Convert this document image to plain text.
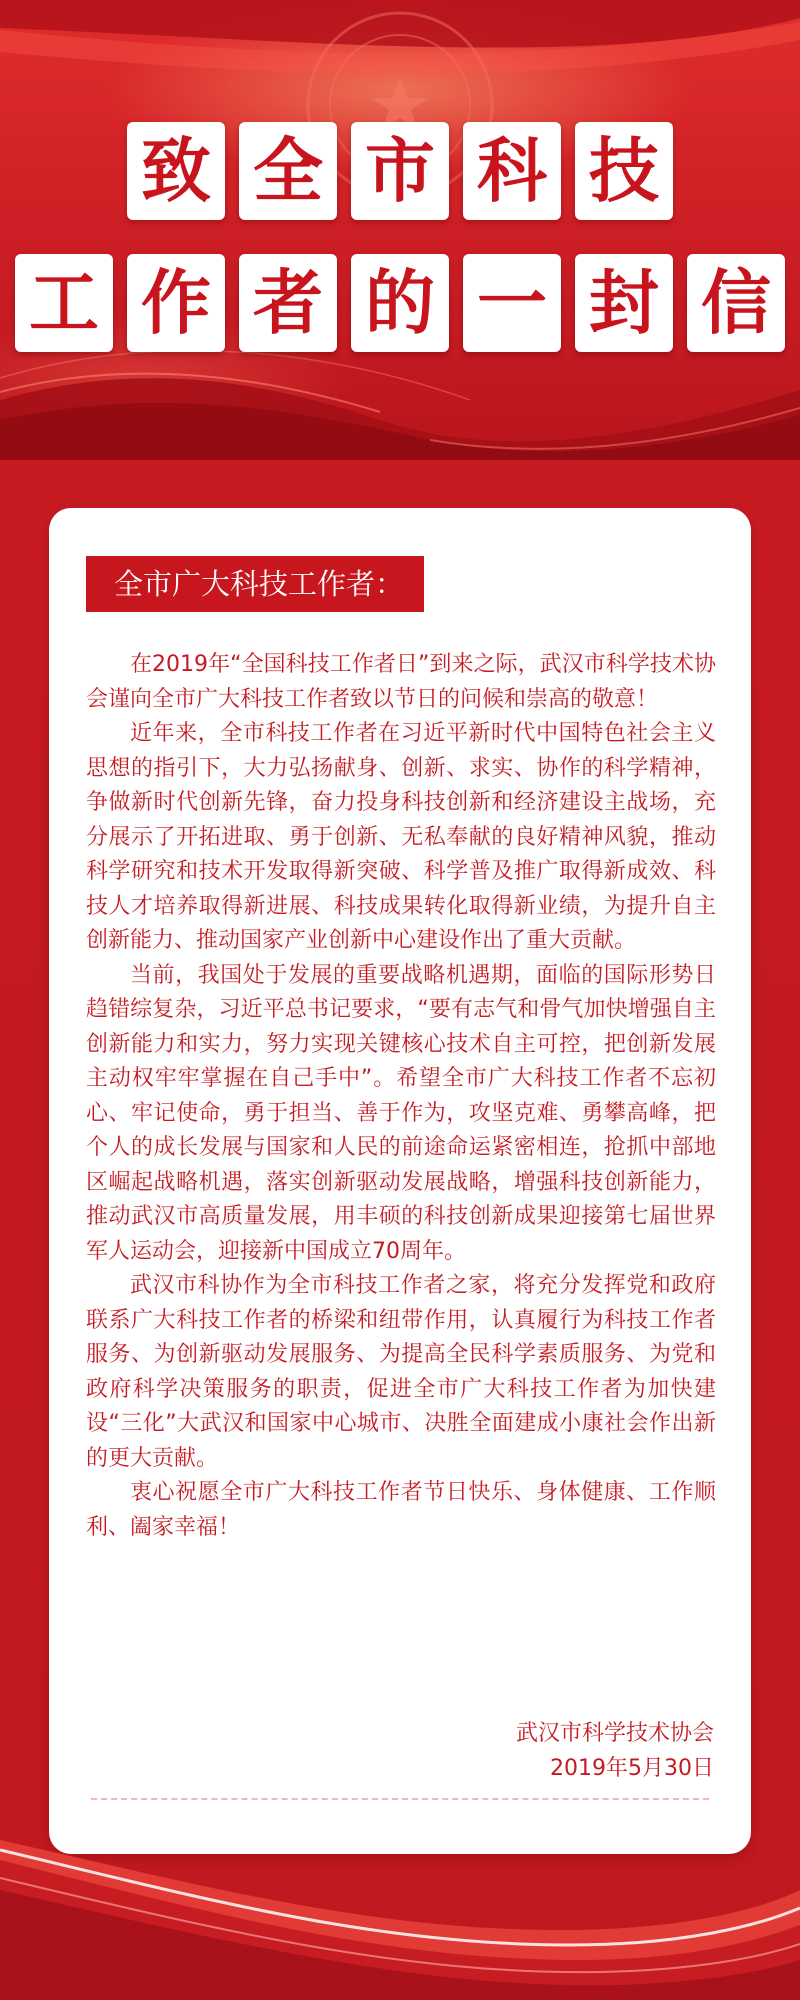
致 全 市 科 技
工 作 者 的 一 封 信
全市广大科技工作者：

在2019年“全国科技工作者日”到来之际，武汉市科学技术协会谨向全市广大科技工作者致以节日的问候和崇高的敬意！

近年来，全市科技工作者在习近平新时代中国特色社会主义思想的指引下，大力弘扬献身、创新、求实、协作的科学精神，争做新时代创新先锋，奋力投身科技创新和经济建设主战场，充分展示了开拓进取、勇于创新、无私奉献的良好精神风貌，推动科学研究和技术开发取得新突破、科学普及推广取得新成效、科技人才培养取得新进展、科技成果转化取得新业绩，为提升自主创新能力、推动国家产业创新中心建设作出了重大贡献。

当前，我国处于发展的重要战略机遇期，面临的国际形势日趋错综复杂，习近平总书记要求，“要有志气和骨气加快增强自主创新能力和实力，努力实现关键核心技术自主可控，把创新发展主动权牢牢掌握在自己手中”。希望全市广大科技工作者不忘初心、牢记使命，勇于担当、善于作为，攻坚克难、勇攀高峰，把个人的成长发展与国家和人民的前途命运紧密相连，抢抓中部地区崛起战略机遇，落实创新驱动发展战略，增强科技创新能力，推动武汉市高质量发展，用丰硕的科技创新成果迎接第七届世界军人运动会，迎接新中国成立70周年。

武汉市科协作为全市科技工作者之家，将充分发挥党和政府联系广大科技工作者的桥梁和纽带作用，认真履行为科技工作者服务、为创新驱动发展服务、为提高全民科学素质服务、为党和政府科学决策服务的职责，促进全市广大科技工作者为加快建设“三化”大武汉和国家中心城市、决胜全面建成小康社会作出新的更大贡献。

衷心祝愿全市广大科技工作者节日快乐、身体健康、工作顺利、阖家幸福！

武汉市科学技术协会
2019年5月30日
